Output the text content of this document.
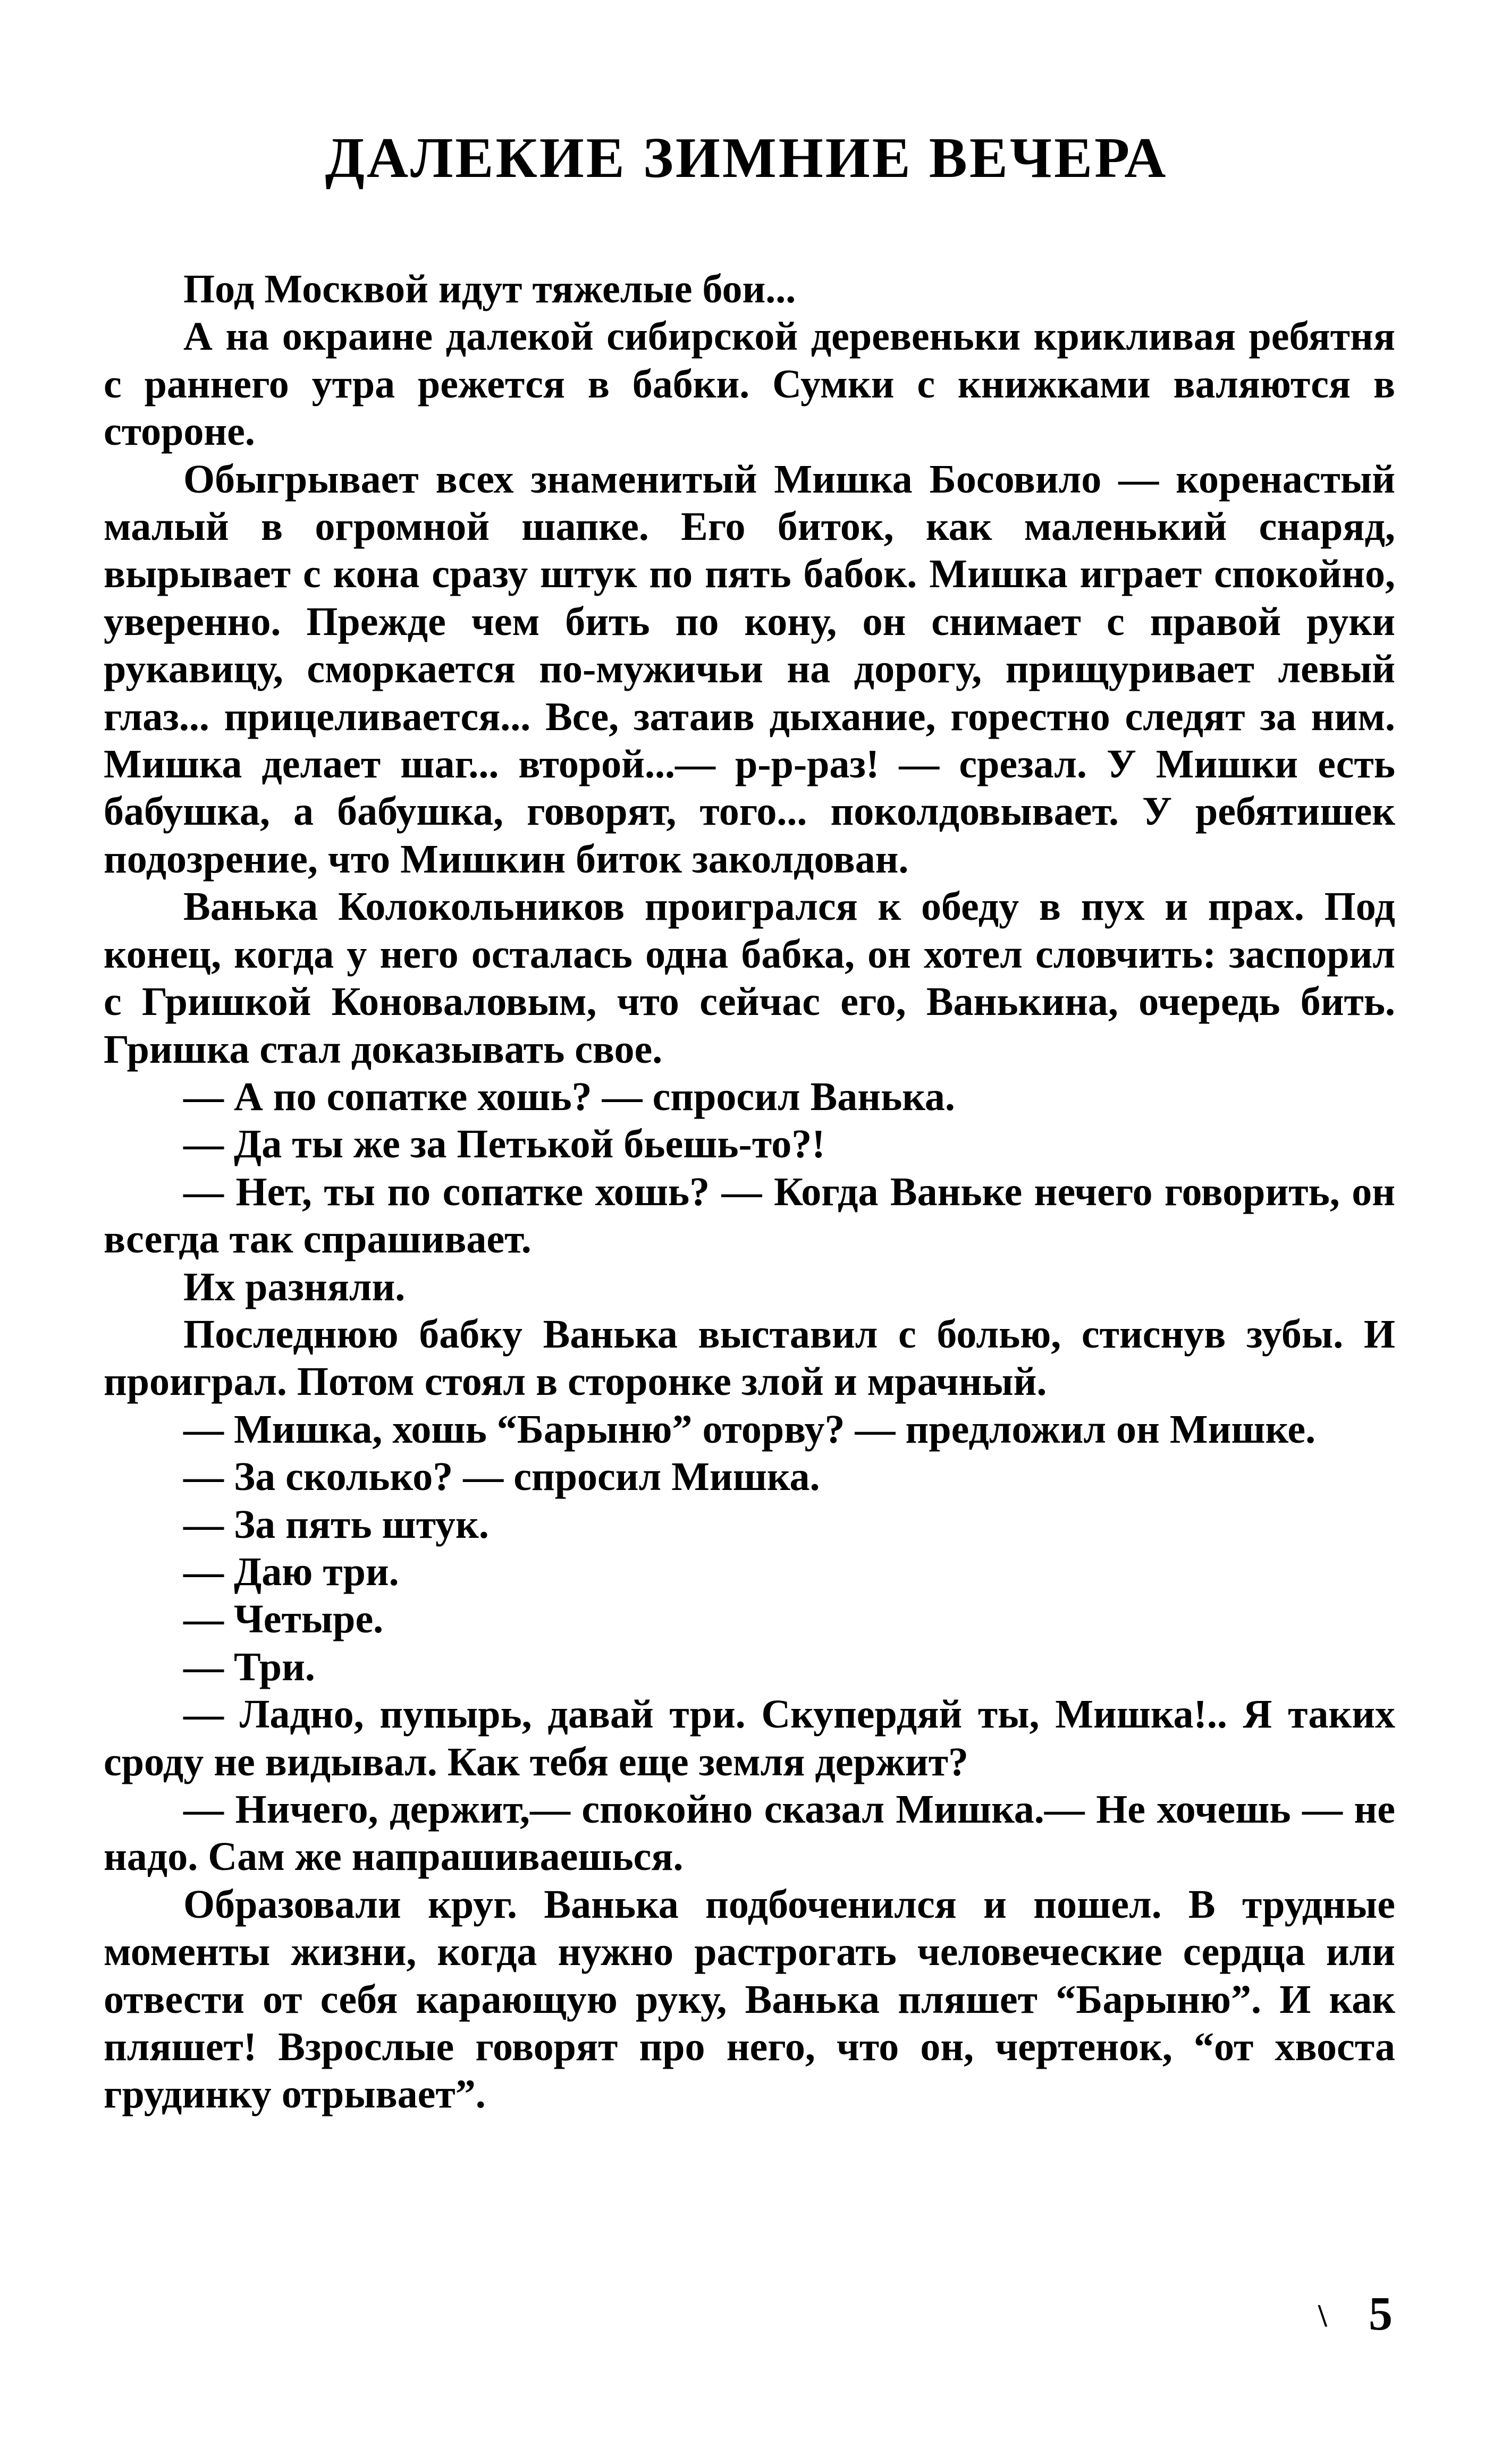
ДАЛЕКИЕ ЗИМНИЕ ВЕЧЕРА

Под Москвой идут тяжелые бои...

А на окраине далекой сибирской деревеньки крикливая ребятня с раннего утра режется в бабки. Сумки с книжками валяются в стороне.

Обыгрывает всех знаменитый Мишка Босовило — коренастый малый в огромной шапке. Его биток, как маленький снаряд, вырывает с кона сразу штук по пять бабок. Мишка играет спокойно, уверенно. Прежде чем бить по кону, он снимает с правой руки рукавицу, сморкается по-мужичьи на дорогу, прищуривает левый глаз... прицеливается... Все, затаив дыхание, горестно следят за ним. Мишка делает шаг... второй...— р-р-раз! — срезал. У Мишки есть бабушка, а бабушка, говорят, того... поколдовывает. У ребятишек подозрение, что Мишкин биток заколдован.

Ванька Колокольников проигрался к обеду в пух и прах. Под конец, когда у него осталась одна бабка, он хотел словчить: заспорил с Гришкой Коноваловым, что сейчас его, Ванькина, очередь бить. Гришка стал доказывать свое.

— А по сопатке хошь? — спросил Ванька.

— Да ты же за Петькой бьешь-то?!

— Нет, ты по сопатке хошь? — Когда Ваньке нечего говорить, он всегда так спрашивает.

Их разняли.

Последнюю бабку Ванька выставил с болью, стиснув зубы. И проиграл. Потом стоял в сторонке злой и мрачный.

— Мишка, хошь “Барыню” оторву? — предложил он Мишке.

— За сколько? — спросил Мишка.

— За пять штук.

— Даю три.

— Четыре.

— Три.

— Ладно, пупырь, давай три. Скупердяй ты, Мишка!.. Я таких сроду не видывал. Как тебя еще земля держит?

— Ничего, держит,— спокойно сказал Мишка.— Не хочешь — не надо. Сам же напрашиваешься.

Образовали круг. Ванька подбоченился и пошел. В трудные моменты жизни, когда нужно растрогать человеческие сердца или отвести от себя карающую руку, Ванька пляшет “Барыню”. И как пляшет! Взрослые говорят про него, что он, чертенок, “от хвоста грудинку отрывает”.

\ 5
